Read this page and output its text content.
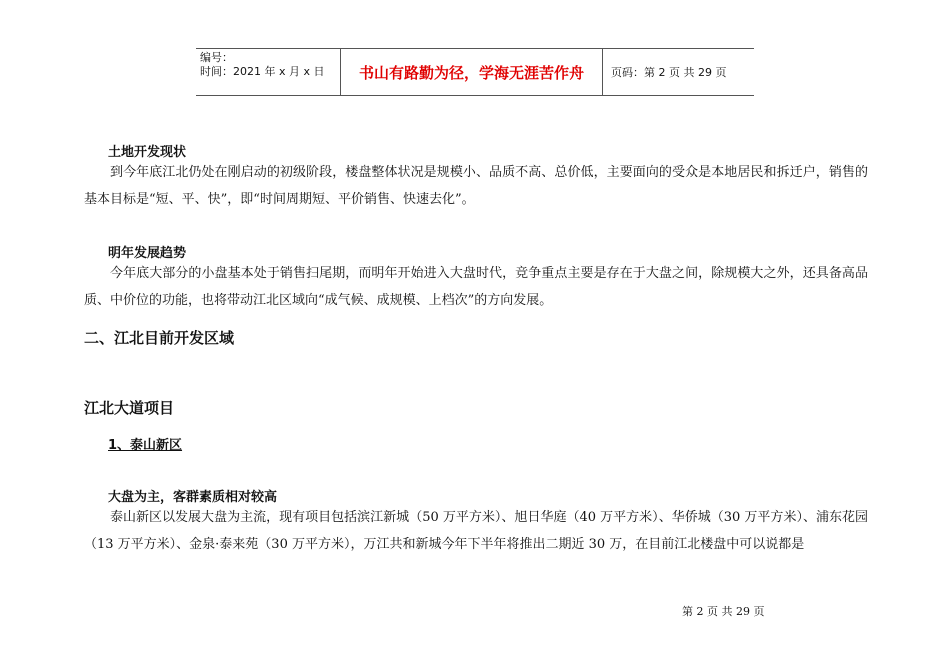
编号：
时间：2021 年 x 月 x 日	书山有路勤为径，学海无涯苦作舟	页码：第 2 页 共 29 页
土地开发现状

到今年底江北仍处在刚启动的初级阶段，楼盘整体状况是规模小、品质不高、总价低，主要面向的受众是本地居民和拆迁户，销售的基本目标是“短、平、快”，即“时间周期短、平价销售、快速去化”。

明年发展趋势

今年底大部分的小盘基本处于销售扫尾期，而明年开始进入大盘时代，竞争重点主要是存在于大盘之间，除规模大之外，还具备高品质、中价位的功能，也将带动江北区域向“成气候、成规模、上档次”的方向发展。

二、江北目前开发区域
江北大道项目
1、泰山新区
大盘为主，客群素质相对较高

泰山新区以发展大盘为主流，现有项目包括滨江新城（50 万平方米）、旭日华庭（40 万平方米）、华侨城（30 万平方米）、浦东花园（13 万平方米）、金泉·泰来苑（30 万平方米），万江共和新城今年下半年将推出二期近 30 万，在目前江北楼盘中可以说都是

第 2 页 共 29 页
